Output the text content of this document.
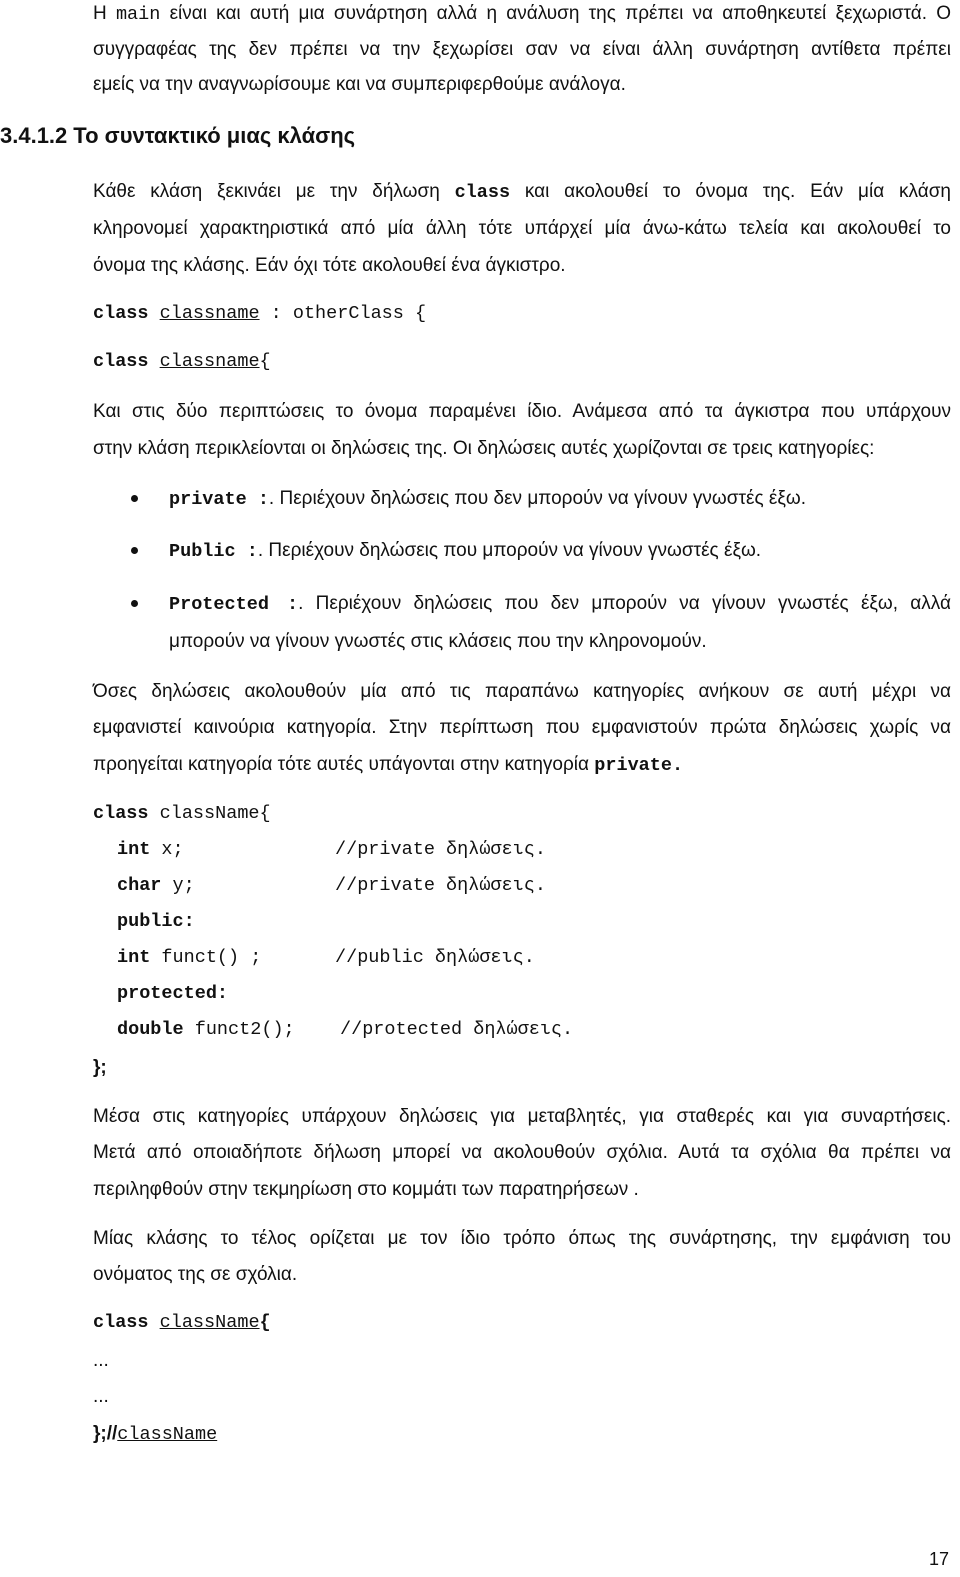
Η main είναι και αυτή μια συνάρτηση αλλά η ανάλυση της πρέπει να αποθηκευτεί ξεχωριστά. Ο
συγγραφέας της δεν πρέπει να την ξεχωρίσει σαν να είναι άλλη συνάρτηση αντίθετα πρέπει
εμείς να την αναγνωρίσουμε και να συμπεριφερθούμε ανάλογα.
3.4.1.2 Το συντακτικό μιας κλάσης
Κάθε κλάση ξεκινάει με την δήλωση class και ακολουθεί το όνομα της. Εάν μία κλάση
κληρονομεί χαρακτηριστικά από μία άλλη τότε υπάρχεί μία άνω-κάτω τελεία και ακολουθεί το
όνομα της κλάσης. Εάν όχι τότε ακολουθεί ένα άγκιστρο.
class classname : otherClass {
class classname{
Και στις δύο περιπτώσεις το όνομα παραμένει ίδιο. Ανάμεσα από τα άγκιστρα που υπάρχουν
στην κλάση περικλείονται οι δηλώσεις της. Οι δηλώσεις αυτές χωρίζονται σε τρεις κατηγορίες:
private :. Περιέχουν δηλώσεις που δεν μπορούν να γίνουν γνωστές έξω.
Public :. Περιέχουν δηλώσεις που μπορούν να γίνουν γνωστές έξω.
Protected :. Περιέχουν δηλώσεις που δεν μπορούν να γίνουν γνωστές έξω, αλλά
μπορούν να γίνουν γνωστές στις κλάσεις που την κληρονομούν.
Όσες δηλώσεις ακολουθούν μία από τις παραπάνω κατηγορίες ανήκουν σε αυτή μέχρι να
εμφανιστεί καινούρια κατηγορία. Στην περίπτωση που εμφανιστούν πρώτα δηλώσεις χωρίς να
προηγείται κατηγορία τότε αυτές υπάγονται στην κατηγορία private.
class className{
int x;	//private δηλώσεις.
char y;	//private δηλώσεις.
public:
int funct() ;	//public δηλώσεις.
protected:
double funct2(); //protected δηλώσεις.
};
Μέσα στις κατηγορίες υπάρχουν δηλώσεις για μεταβλητές, για σταθερές και για συναρτήσεις.
Μετά από οποιαδήποτε δήλωση μπορεί να ακολουθούν σχόλια. Αυτά τα σχόλια θα πρέπει να
περιληφθούν στην τεκμηρίωση στο κομμάτι των παρατηρήσεων .
Μίας κλάσης το τέλος ορίζεται με τον ίδιο τρόπο όπως της συνάρτησης, την εμφάνιση του
ονόματος της σε σχόλια.
class className{
...
...
};//className
17
